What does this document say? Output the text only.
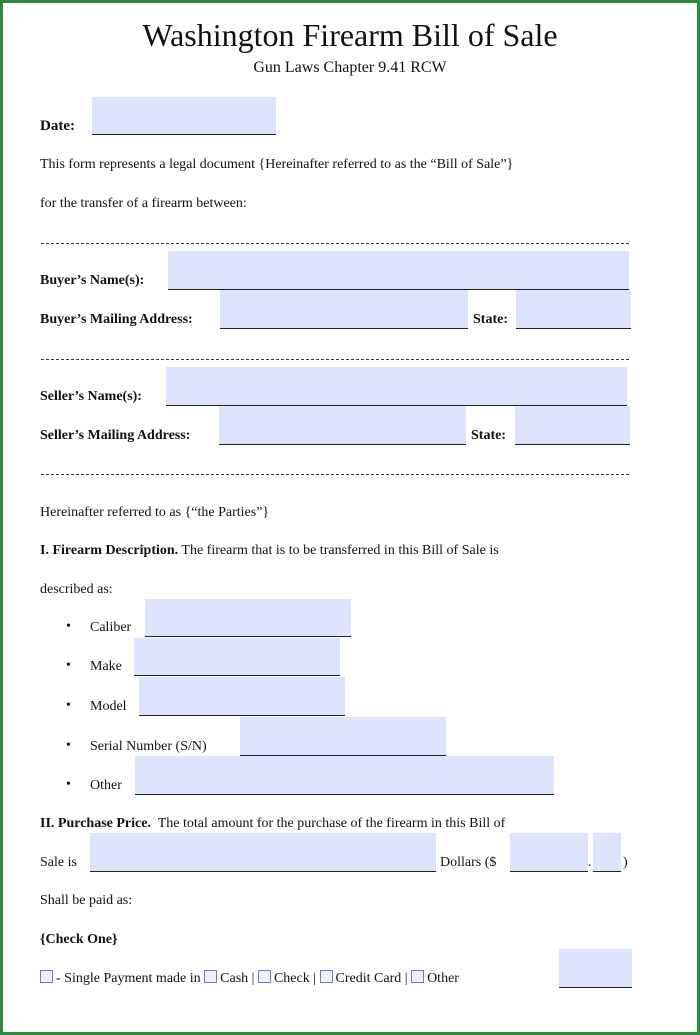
Washington Firearm Bill of Sale
Gun Laws Chapter 9.41 RCW
Date:
This form represents a legal document {Hereinafter referred to as the “Bill of Sale”}
for the transfer of a firearm between:
Buyer’s Name(s):
Buyer’s Mailing Address:	State:
Seller’s Name(s):
Seller’s Mailing Address:	State:
Hereinafter referred to as {“the Parties”}
I. Firearm Description. The firearm that is to be transferred in this Bill of Sale is
described as:
• Caliber
• Make
• Model
• Serial Number (S/N)
• Other
II. Purchase Price. The total amount for the purchase of the firearm in this Bill of
Sale is	Dollars ($	. )
Shall be paid as:
{Check One}
- Single Payment made in Cash | Check | Credit Card | Other
